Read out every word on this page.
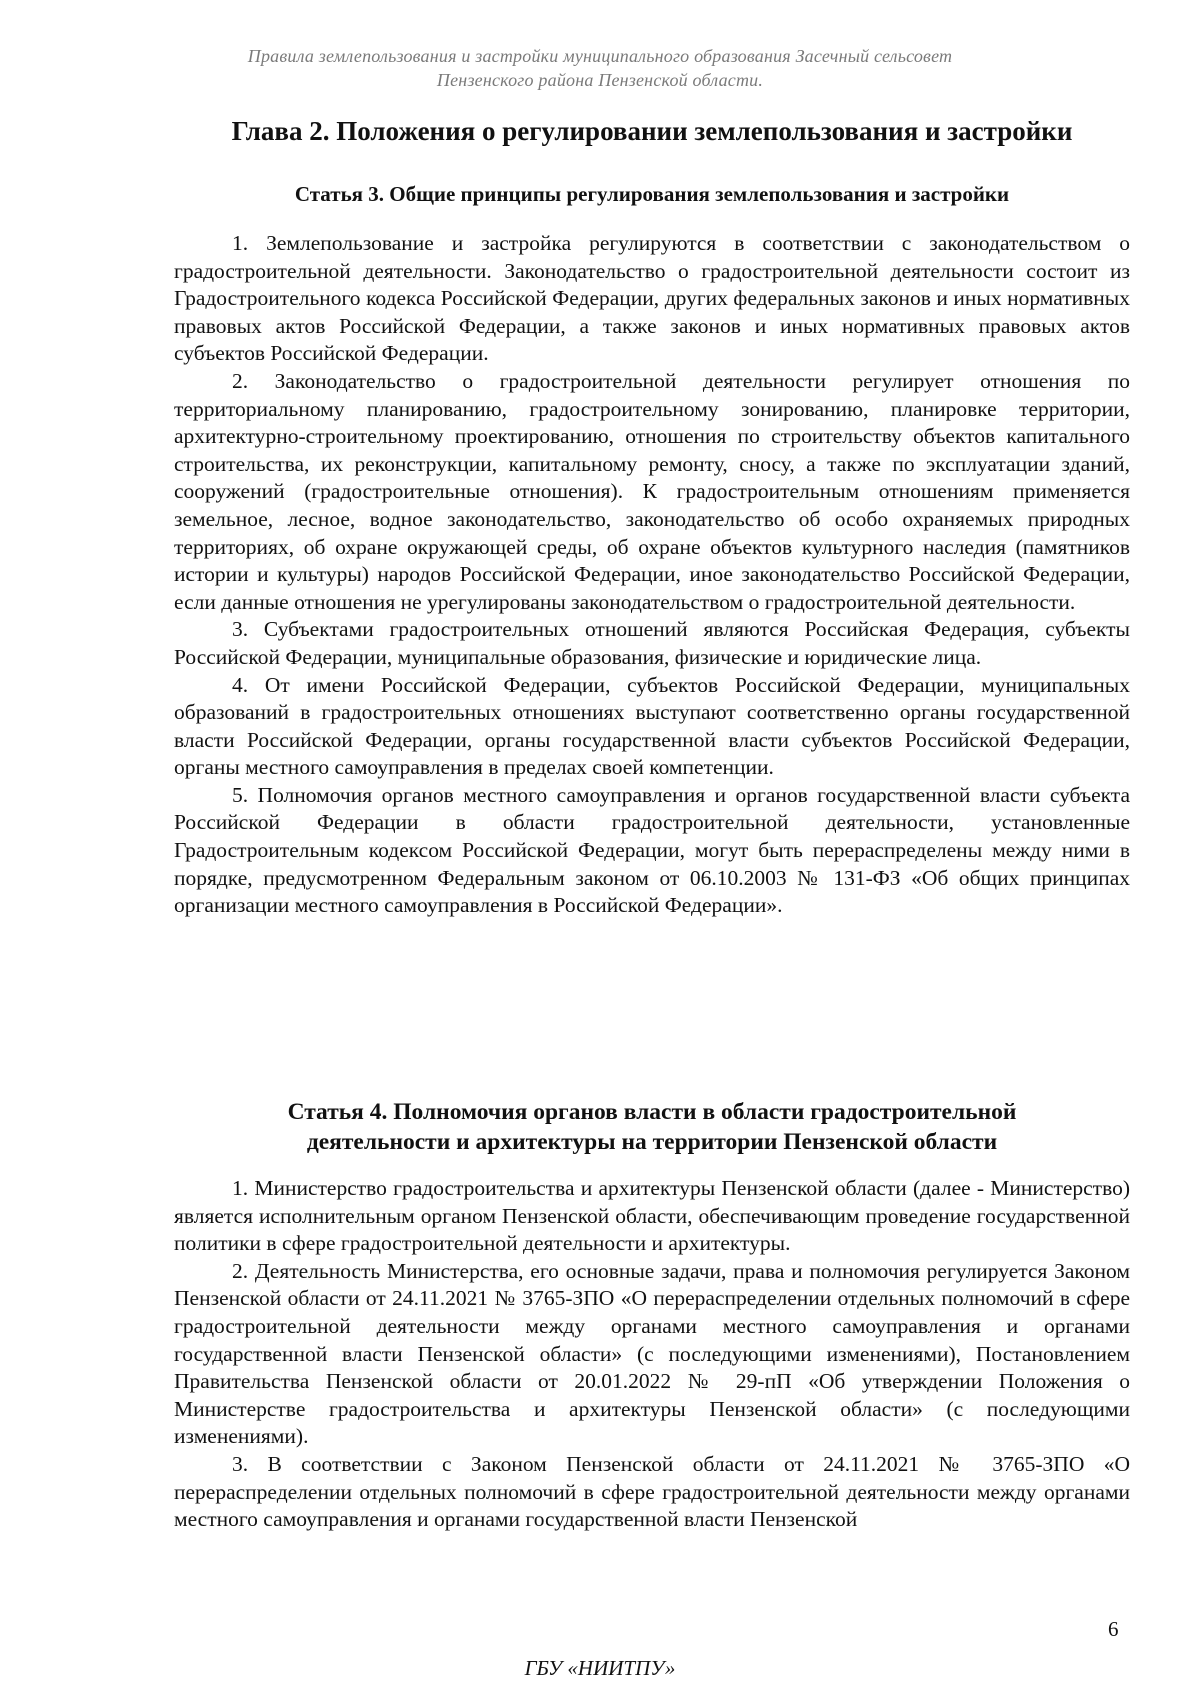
Правила землепользования и застройки муниципального образования Засечный сельсовет
Пензенского района Пензенской области.
Глава 2. Положения о регулировании землепользования и застройки
Статья 3. Общие принципы регулирования землепользования и застройки

1. Землепользование и застройка регулируются в соответствии с законодательством о градостроительной деятельности. Законодательство о градостроительной деятельности состоит из Градостроительного кодекса Российской Федерации, других федеральных законов и иных нормативных правовых актов Российской Федерации, а также законов и иных нормативных правовых актов субъектов Российской Федерации.

2. Законодательство о градостроительной деятельности регулирует отношения по территориальному планированию, градостроительному зонированию, планировке территории, архитектурно-строительному проектированию, отношения по строительству объектов капитального строительства, их реконструкции, капитальному ремонту, сносу, а также по эксплуатации зданий, сооружений (градостроительные отношения). К градостроительным отношениям применяется земельное, лесное, водное законодательство, законодательство об особо охраняемых природных территориях, об охране окружающей среды, об охране объектов культурного наследия (памятников истории и культуры) народов Российской Федерации, иное законодательство Российской Федерации, если данные отношения не урегулированы законодательством о градостроительной деятельности.

3. Субъектами градостроительных отношений являются Российская Федерация, субъекты Российской Федерации, муниципальные образования, физические и юридические лица.

4. От имени Российской Федерации, субъектов Российской Федерации, муниципальных образований в градостроительных отношениях выступают соответственно органы государственной власти Российской Федерации, органы государственной власти субъектов Российской Федерации, органы местного самоуправления в пределах своей компетенции.

5. Полномочия органов местного самоуправления и органов государственной власти субъекта Российской Федерации в области градостроительной деятельности, установленные Градостроительным кодексом Российской Федерации, могут быть перераспределены между ними в порядке, предусмотренном Федеральным законом от 06.10.2003 № 131-ФЗ «Об общих принципах организации местного самоуправления в Российской Федерации».

Статья 4. Полномочия органов власти в области градостроительной
деятельности и архитектуры на территории Пензенской области

1. Министерство градостроительства и архитектуры Пензенской области (далее - Министерство) является исполнительным органом Пензенской области, обеспечивающим проведение государственной политики в сфере градостроительной деятельности и архитектуры.

2. Деятельность Министерства, его основные задачи, права и полномочия регулируется Законом Пензенской области от 24.11.2021 № 3765-ЗПО «О перераспределении отдельных полномочий в сфере градостроительной деятельности между органами местного самоуправления и органами государственной власти Пензенской области» (с последующими изменениями), Постановлением Правительства Пензенской области от 20.01.2022 № 29-пП «Об утверждении Положения о Министерстве градостроительства и архитектуры Пензенской области» (с последующими изменениями).

3. В соответствии с Законом Пензенской области от 24.11.2021 № 3765-ЗПО «О перераспределении отдельных полномочий в сфере градостроительной деятельности между органами местного самоуправления и органами государственной власти Пензенской

6
ГБУ «НИИТПУ»
